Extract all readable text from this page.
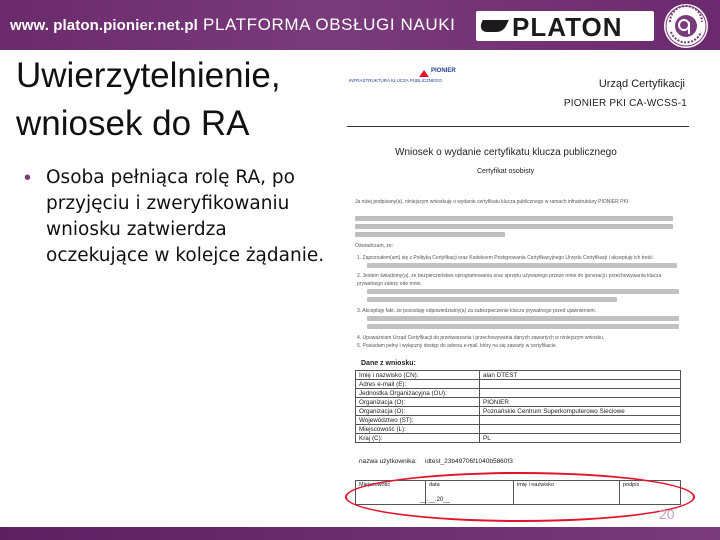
www. platon.pionier.net.pl PLATFORMA OBSŁUGI NAUKI PLATON
Uwierzytelnienie,
wniosek do RA
• Osoba pełniąca rolę RA, po przyjęciu i zweryfikowaniu wniosku zatwierdza oczekujące w kolejce żądanie.
PIONIER
INFRASTRUKTURA KLUCZA PUBLICZNEGO	Urząd Certyfikacji
PIONIER PKI CA-WCSS-1
Wniosek o wydanie certyfikatu klucza publicznego
Certyfikat osobisty
Ja niżej podpisany(a), niniejszym wnioskuję o wydanie certyfikatu klucza publicznego w ramach infrastruktury PIONIER PKI.
Oświadczam, że:
1. Zapoznałem(am) się z Polityką Certyfikacji oraz Kodeksem Postępowania Certyfikacyjnego Urzędu Certyfikacji i akceptuję ich treść.
2. Jestem świadomy(a), że bezpieczeństwo oprogramowania oraz sprzętu używanego przeze mnie do generacji i przechowywania klucza prywatnego zależy ode mnie.
3. Akceptuję fakt, że pozostaję odpowiedzialny(a) za zabezpieczenie klucza prywatnego przed ujawnieniem.
4. Upoważniam Urząd Certyfikacji do przetwarzania i przechowywania danych zawartych w niniejszym wniosku.
5. Posiadam pełny i wyłączny dostęp do adresu e-mail, który na się zawarty w certyfikacie.
Dane z wniosku:
Imię i nazwisko (CN):	alan DTEST
Adres e-mail (E):	
Jednostka Organizacyjna (OU):	
Organizacja (O):	PIONIER
Organizacja (O):	Poznańskie Centrum Superkomputerowo Sieciowe
Województwo (ST):	
Miejscowość (L):	
Kraj (C):	PL
nazwa użytkownika: idtest_23b49706f1040b5860f3
Miejscowość	data	imię i nazwisko	podpis
__.__.20__
20
